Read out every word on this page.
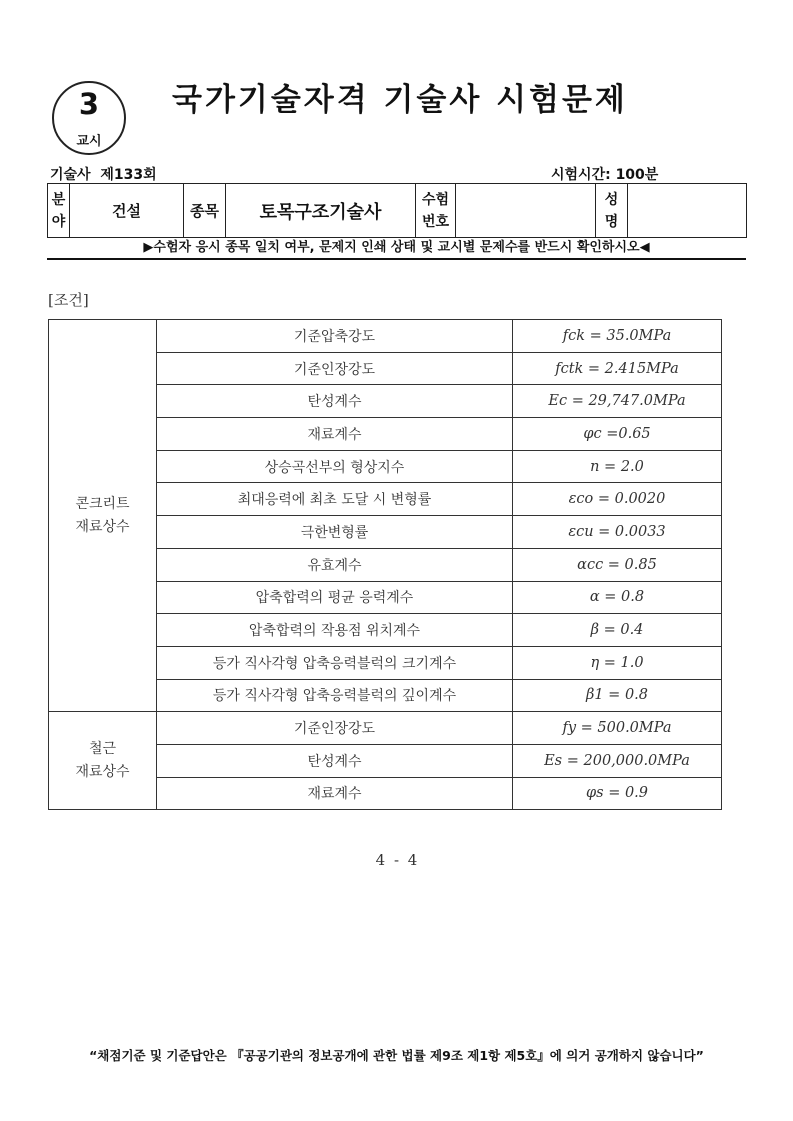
3
교시
국가기술자격 기술사 시험문제
기술사  제133회	시험시간: 100분
분
야	건설	종목	토목구조기술사	수험
번호		성
명	
▶수험자 응시 종목 일치 여부, 문제지 인쇄 상태 및 교시별 문제수를 반드시 확인하시오◀
[조건]
콘크리트
재료상수	기준압축강도	fck = 35.0MPa
	기준인장강도	fctk = 2.415MPa
	탄성계수	Ec = 29,747.0MPa
	재료계수	φc =0.65
	상승곡선부의 형상지수	n = 2.0
	최대응력에 최초 도달 시 변형률	εco = 0.0020
	극한변형률	εcu = 0.0033
	유효계수	αcc = 0.85
	압축합력의 평균 응력계수	α = 0.8
	압축합력의 작용점 위치계수	β = 0.4
	등가 직사각형 압축응력블럭의 크기계수	η = 1.0
	등가 직사각형 압축응력블럭의 깊이계수	β1 = 0.8
철근
재료상수	기준인장강도	fy = 500.0MPa
	탄성계수	Es = 200,000.0MPa
	재료계수	φs = 0.9
4 - 4
“채점기준 및 기준답안은 『공공기관의 정보공개에 관한 법률 제9조 제1항 제5호』에 의거 공개하지 않습니다”
